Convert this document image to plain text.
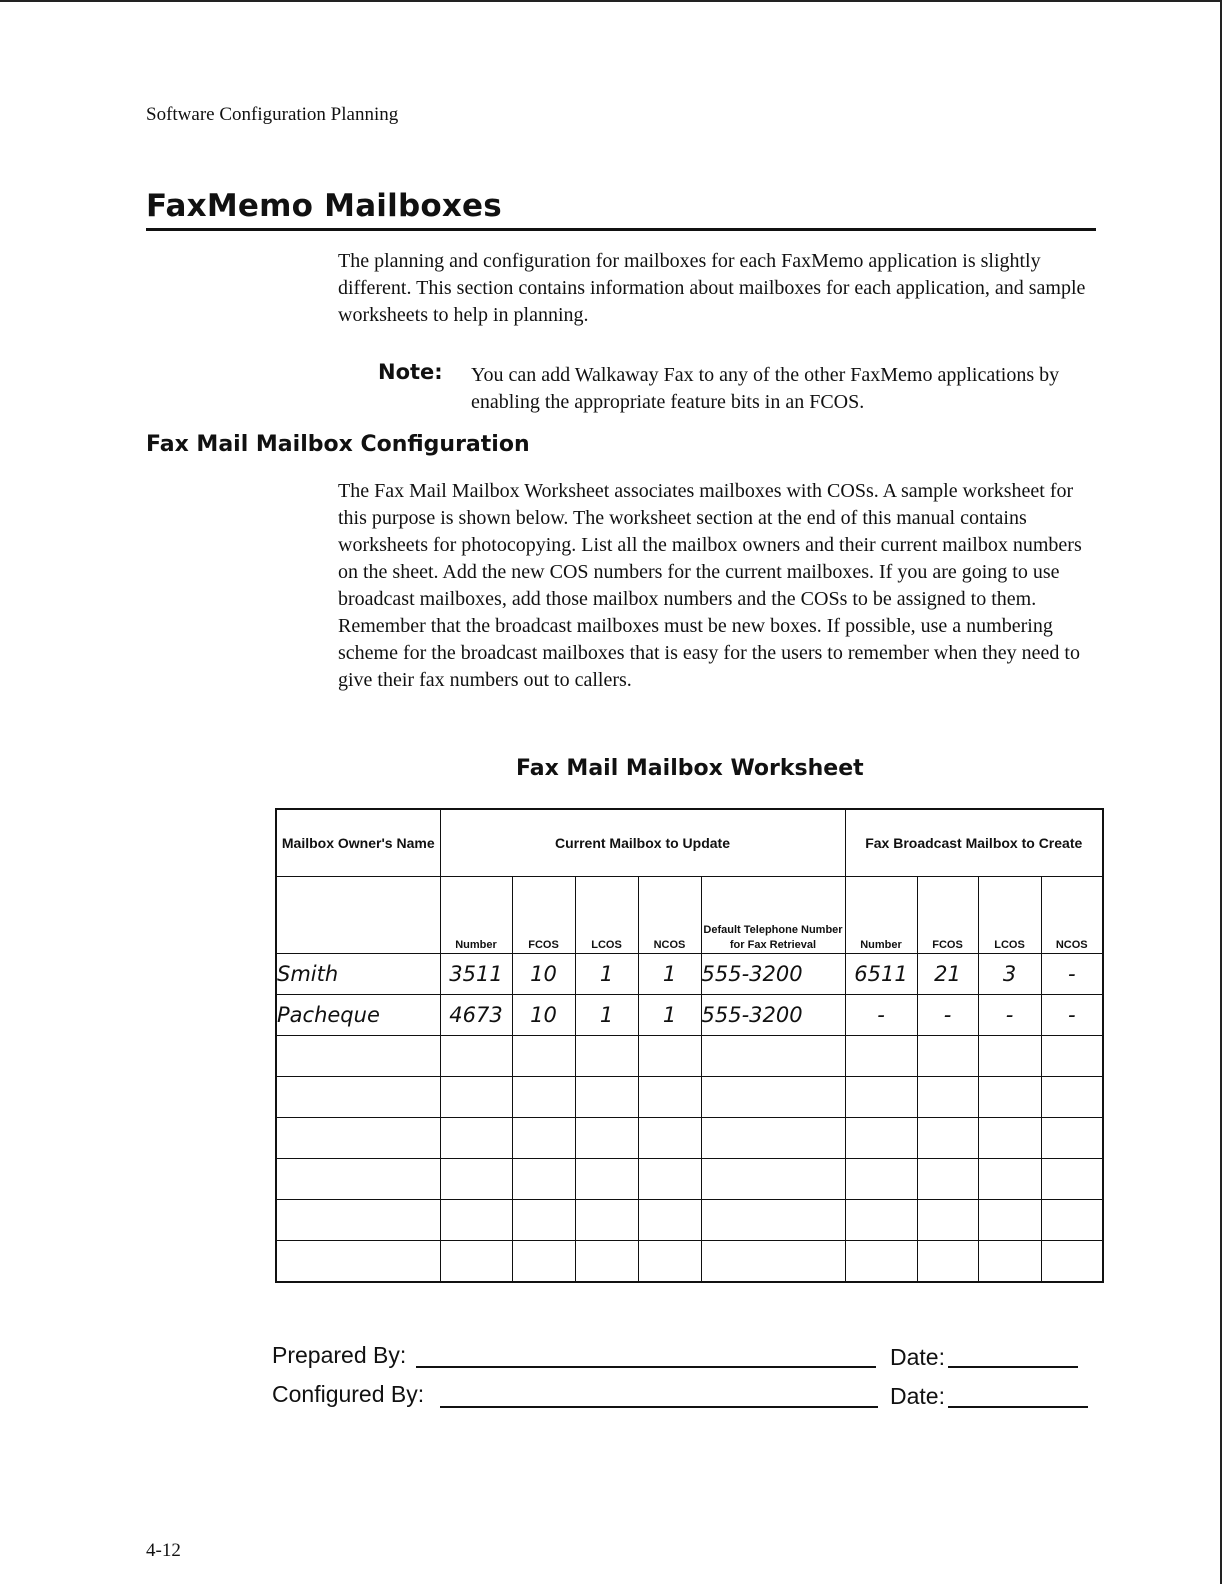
Software Configuration Planning
FaxMemo Mailboxes
The planning and configuration for mailboxes for each FaxMemo application is slightly different. This section contains information about mailboxes for each application, and sample worksheets to help in planning.
Note: You can add Walkaway Fax to any of the other FaxMemo applications by enabling the appropriate feature bits in an FCOS.
Fax Mail Mailbox Configuration
The Fax Mail Mailbox Worksheet associates mailboxes with COSs. A sample worksheet for this purpose is shown below. The worksheet section at the end of this manual contains worksheets for photocopying. List all the mailbox owners and their current mailbox numbers on the sheet. Add the new COS numbers for the current mailboxes. If you are going to use broadcast mailboxes, add those mailbox numbers and the COSs to be assigned to them. Remember that the broadcast mailboxes must be new boxes. If possible, use a numbering scheme for the broadcast mailboxes that is easy for the users to remember when they need to give their fax numbers out to callers.
Fax Mail Mailbox Worksheet
Mailbox Owner's Name	Current Mailbox to Update					Fax Broadcast Mailbox to Create			
	Number	FCOS	LCOS	NCOS	Default Telephone Number for Fax Retrieval	Number	FCOS	LCOS	NCOS
Smith	3511	10	1	1	555-3200	6511	21	3	-
Pacheque	4673	10	1	1	555-3200	-	-	-	-

Prepared By:	Date:
Configured By:	Date:
4-12
